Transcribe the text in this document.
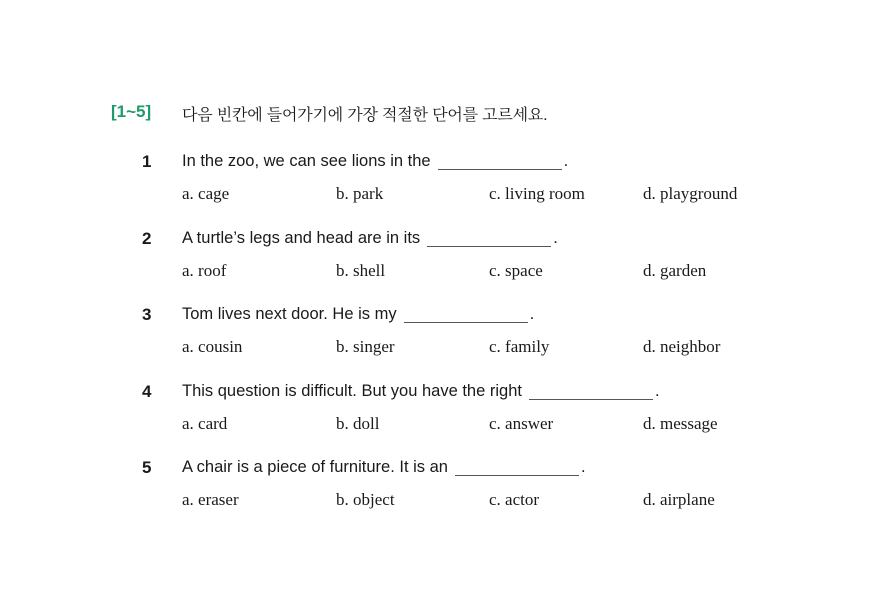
[1~5] 다음 빈칸에 들어가기에 가장 적절한 단어를 고르세요.
1 In the zoo, we can see lions in the	.
a. cage	b. park	c. living room	d. playground
2 A turtle’s legs and head are in its	.
a. roof	b. shell	c. space	d. garden
3 Tom lives next door. He is my	.
a. cousin	b. singer	c. family	d. neighbor
4 This question is difficult. But you have the right	.
a. card	b. doll	c. answer	d. message
5 A chair is a piece of furniture. It is an	.
a. eraser	b. object	c. actor	d. airplane
